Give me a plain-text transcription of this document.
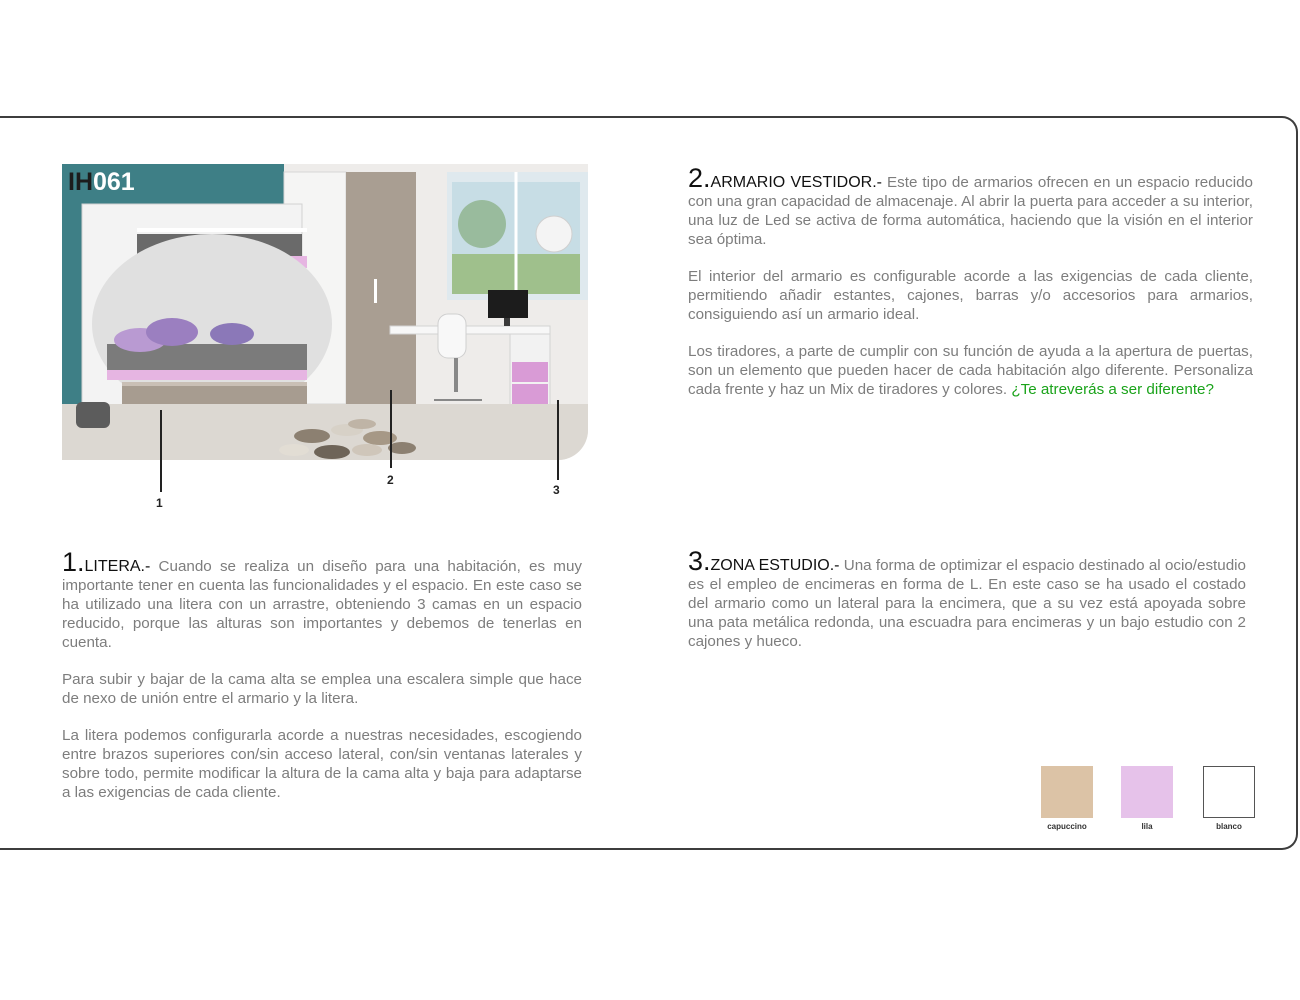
IH061
1
2
3

2.ARMARIO VESTIDOR.- Este tipo de armarios ofrecen en un espacio reducido con una gran capacidad de almacenaje. Al abrir la puerta para acceder a su interior, una luz de Led se activa de forma automática, haciendo que la visión en el interior sea óptima.

El interior del armario es configurable acorde a las exigencias de cada cliente, permitiendo añadir estantes, cajones, barras y/o accesorios para armarios, consiguiendo así un armario ideal.

Los tiradores, a parte de cumplir con su función de ayuda a la apertura de puertas, son un elemento que pueden hacer de cada habitación algo diferente. Personaliza cada frente y haz un Mix de tiradores y colores. ¿Te atreverás a ser diferente?

1.LITERA.- Cuando se realiza un diseño para una habitación, es muy importante tener en cuenta las funcionalidades y el espacio. En este caso se ha utilizado una litera con un arrastre, obteniendo 3 camas en un espacio reducido, porque las alturas son importantes y debemos de tenerlas en cuenta.

Para subir y bajar de la cama alta se emplea una escalera simple que hace de nexo de unión entre el armario y la litera.

La litera podemos configurarla acorde a nuestras necesidades, escogiendo entre brazos superiores con/sin acceso lateral, con/sin ventanas laterales y sobre todo, permite modificar la altura de la cama alta y baja para adaptarse a las exigencias de cada cliente.

3.ZONA ESTUDIO.- Una forma de optimizar el espacio destinado al ocio/estudio es el empleo de encimeras en forma de L. En este caso se ha usado el costado del armario como un lateral para la encimera, que a su vez está apoyada sobre una pata metálica redonda, una escuadra para encimeras y un bajo estudio con 2 cajones y hueco.

capuccino	lila	blanco
